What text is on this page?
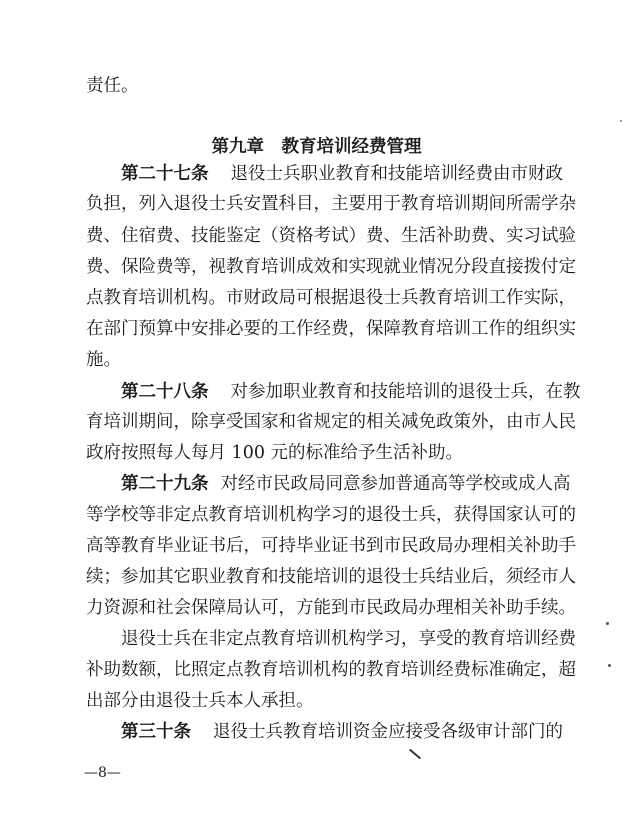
责任。
第九章　教育培训经费管理
第二十七条 退役士兵职业教育和技能培训经费由市财政
负担，列入退役士兵安置科目，主要用于教育培训期间所需学杂
费、住宿费、技能鉴定（资格考试）费、生活补助费、实习试验
费、保险费等，视教育培训成效和实现就业情况分段直接拨付定
点教育培训机构。市财政局可根据退役士兵教育培训工作实际，
在部门预算中安排必要的工作经费，保障教育培训工作的组织实
施。
第二十八条 对参加职业教育和技能培训的退役士兵，在教
育培训期间，除享受国家和省规定的相关减免政策外，由市人民
政府按照每人每月 100 元的标准给予生活补助。
第二十九条 对经市民政局同意参加普通高等学校或成人高
等学校等非定点教育培训机构学习的退役士兵，获得国家认可的
高等教育毕业证书后，可持毕业证书到市民政局办理相关补助手
续；参加其它职业教育和技能培训的退役士兵结业后，须经市人
力资源和社会保障局认可，方能到市民政局办理相关补助手续。
退役士兵在非定点教育培训机构学习，享受的教育培训经费
补助数额，比照定点教育培训机构的教育培训经费标准确定，超
出部分由退役士兵本人承担。
第三十条 退役士兵教育培训资金应接受各级审计部门的
—8—
